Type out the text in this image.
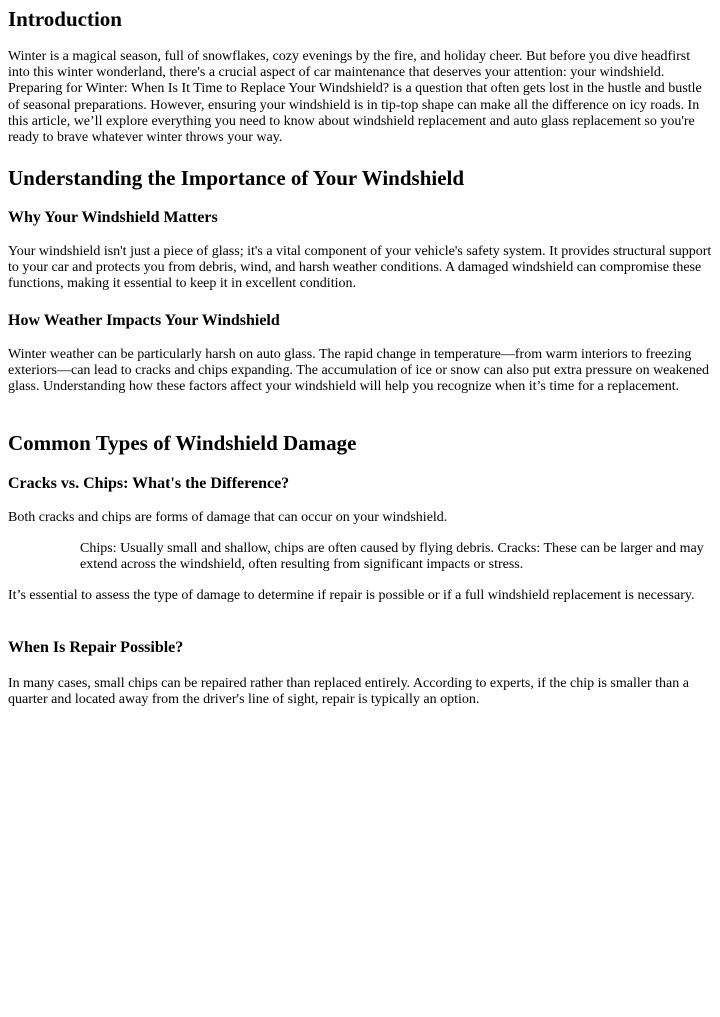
Introduction

Winter is a magical season, full of snowflakes, cozy evenings by the fire, and holiday cheer. But before you dive headfirst into this winter wonderland, there's a crucial aspect of car maintenance that deserves your attention: your windshield. Preparing for Winter: When Is It Time to Replace Your Windshield? is a question that often gets lost in the hustle and bustle of seasonal preparations. However, ensuring your windshield is in tip-top shape can make all the difference on icy roads. In this article, we’ll explore everything you need to know about windshield replacement and auto glass replacement so you're ready to brave whatever winter throws your way.

Understanding the Importance of Your Windshield
Why Your Windshield Matters

Your windshield isn't just a piece of glass; it's a vital component of your vehicle's safety system. It provides structural support to your car and protects you from debris, wind, and harsh weather conditions. A damaged windshield can compromise these functions, making it essential to keep it in excellent condition.

How Weather Impacts Your Windshield

Winter weather can be particularly harsh on auto glass. The rapid change in temperature—from warm interiors to freezing exteriors—can lead to cracks and chips expanding. The accumulation of ice or snow can also put extra pressure on weakened glass. Understanding how these factors affect your windshield will help you recognize when it’s time for a replacement.

Common Types of Windshield Damage
Cracks vs. Chips: What's the Difference?

Both cracks and chips are forms of damage that can occur on your windshield.

Chips: Usually small and shallow, chips are often caused by flying debris. Cracks: These can be larger and may extend across the windshield, often resulting from significant impacts or stress.

It’s essential to assess the type of damage to determine if repair is possible or if a full windshield replacement is necessary.

When Is Repair Possible?

In many cases, small chips can be repaired rather than replaced entirely. According to experts, if the chip is smaller than a quarter and located away from the driver's line of sight, repair is typically an option.
